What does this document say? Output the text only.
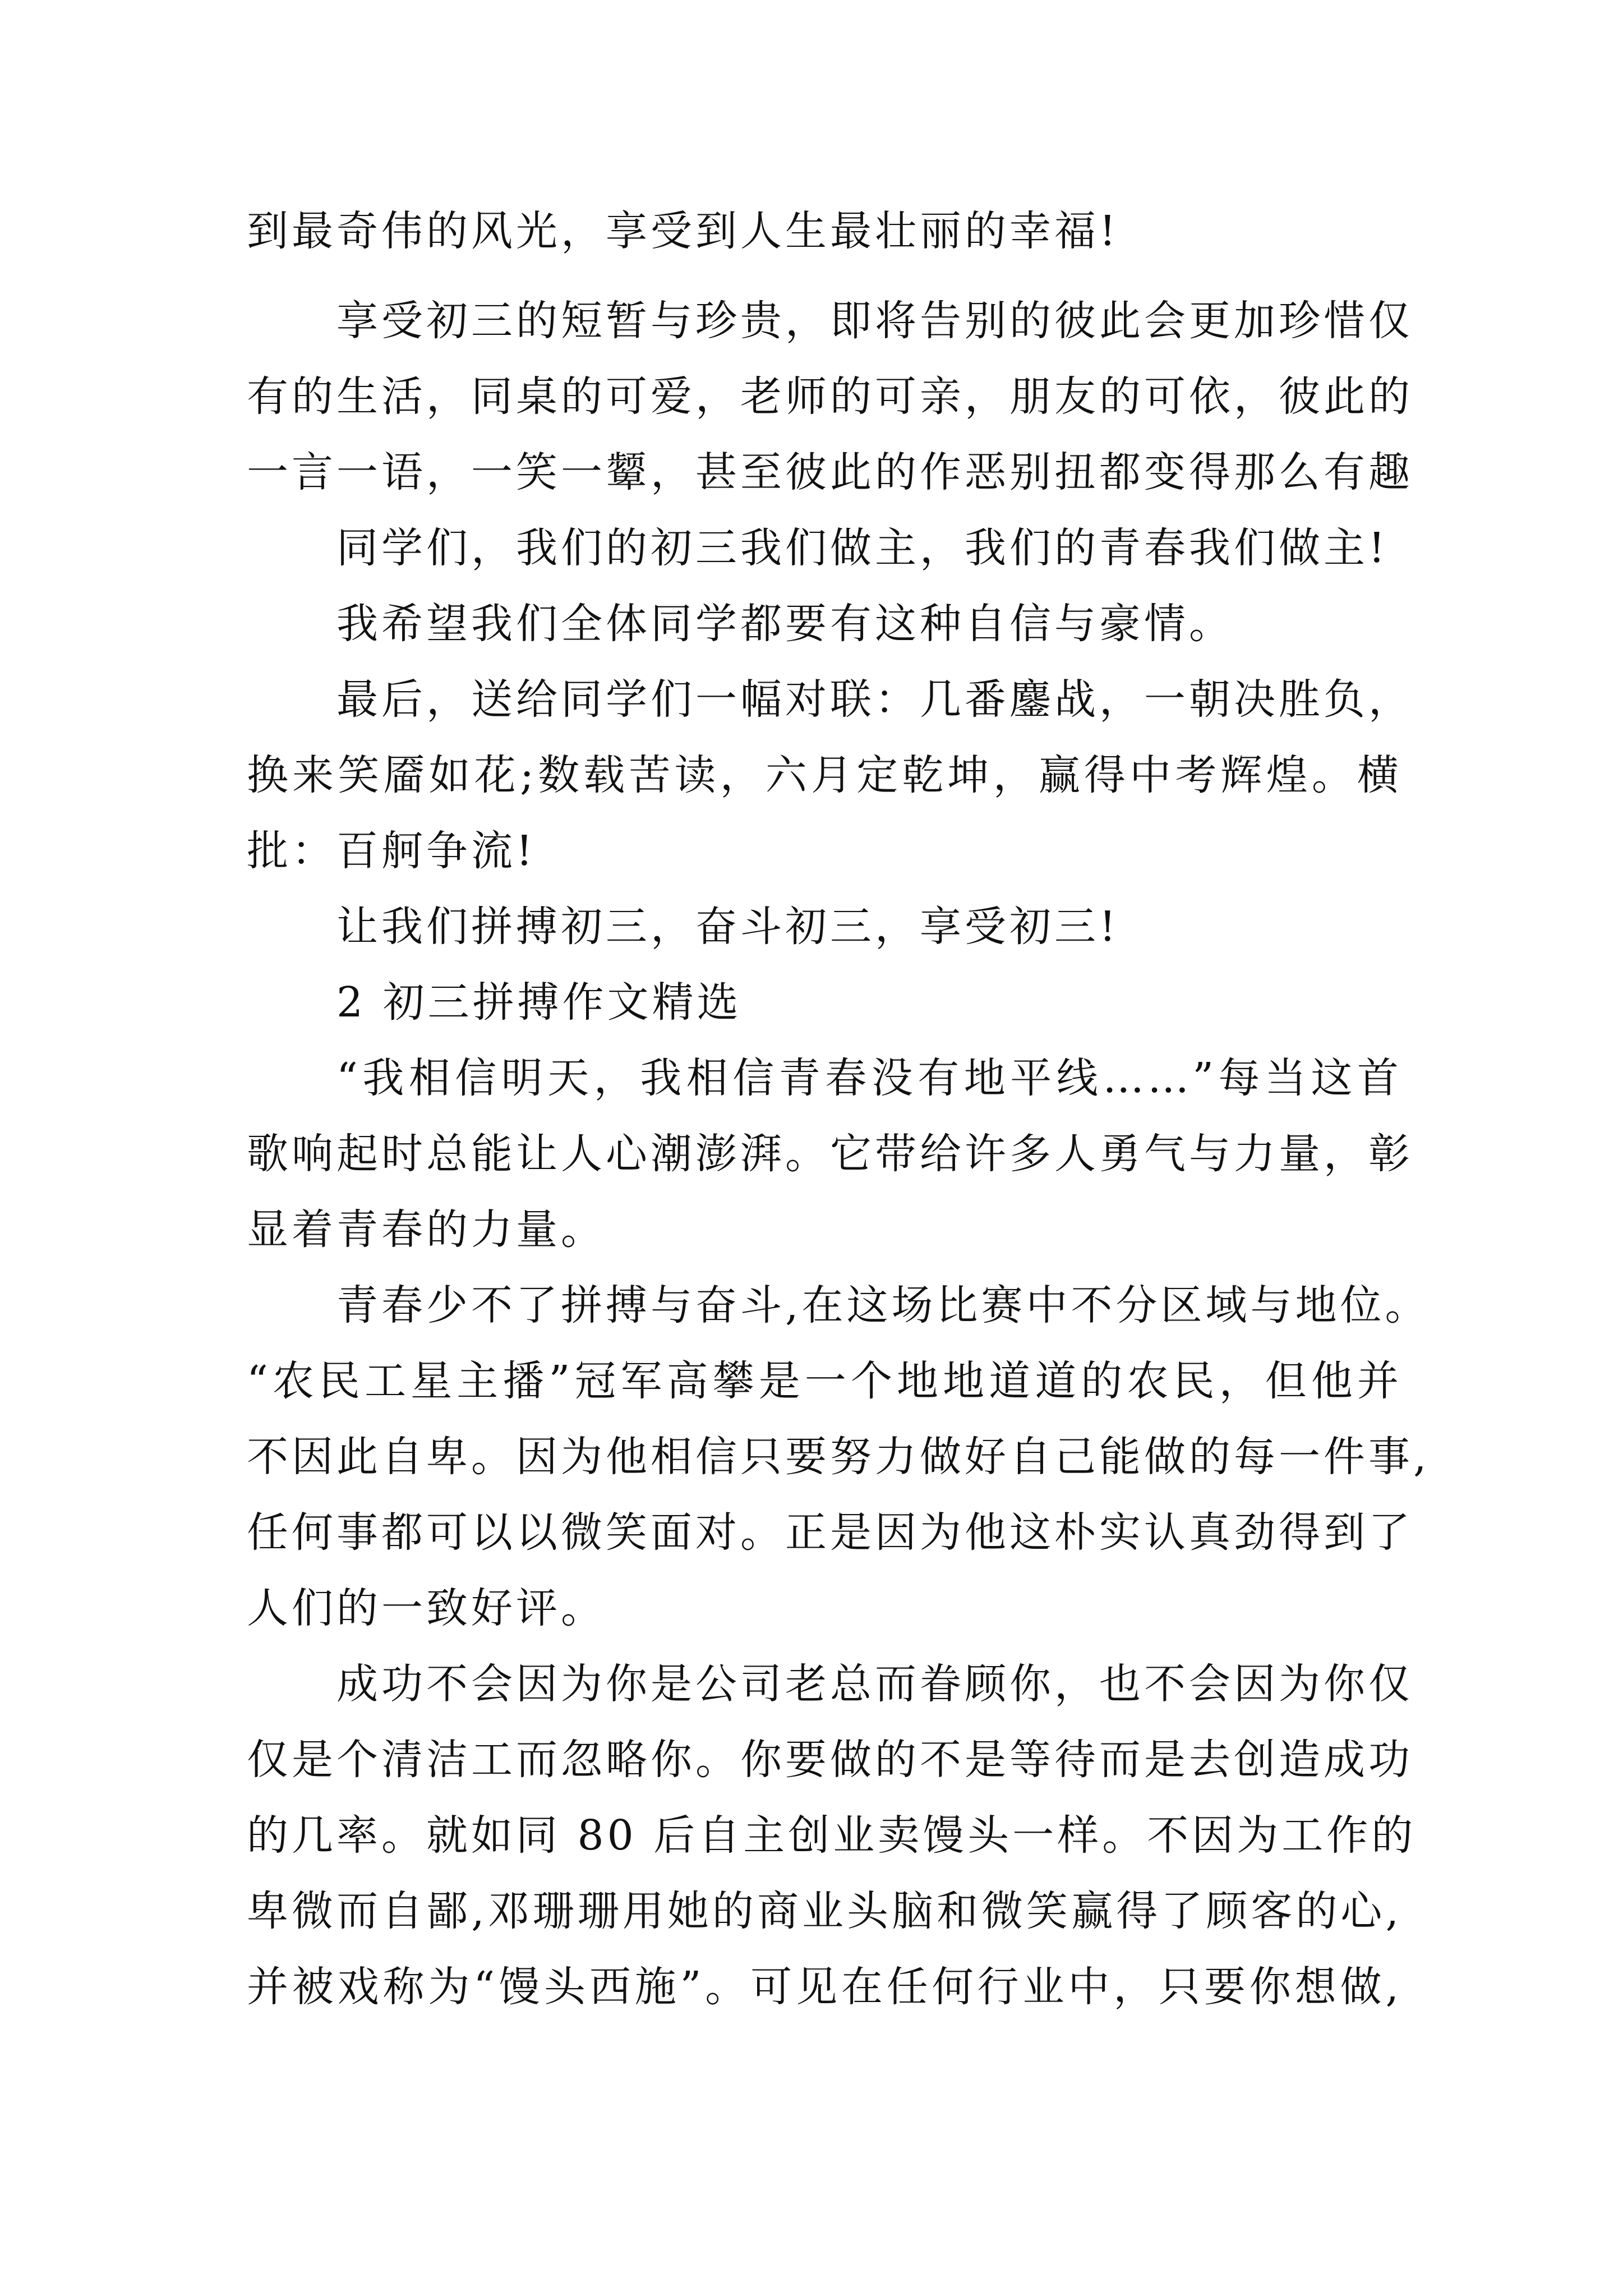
到最奇伟的风光，享受到人生最壮丽的幸福!
享受初三的短暂与珍贵，即将告别的彼此会更加珍惜仅
有的生活，同桌的可爱，老师的可亲，朋友的可依，彼此的
一言一语，一笑一颦，甚至彼此的作恶别扭都变得那么有趣
同学们，我们的初三我们做主，我们的青春我们做主!
我希望我们全体同学都要有这种自信与豪情。
最后，送给同学们一幅对联：几番鏖战，一朝决胜负，
换来笑靥如花;数载苦读，六月定乾坤，赢得中考辉煌。横
批：百舸争流!
让我们拼搏初三，奋斗初三，享受初三!
2 初三拼搏作文精选
“我相信明天，我相信青春没有地平线……”每当这首
歌响起时总能让人心潮澎湃。它带给许多人勇气与力量，彰
显着青春的力量。
青春少不了拼搏与奋斗,在这场比赛中不分区域与地位。
“农民工星主播”冠军高攀是一个地地道道的农民，但他并
不因此自卑。因为他相信只要努力做好自己能做的每一件事,
任何事都可以以微笑面对。正是因为他这朴实认真劲得到了
人们的一致好评。
成功不会因为你是公司老总而眷顾你，也不会因为你仅
仅是个清洁工而忽略你。你要做的不是等待而是去创造成功
的几率。就如同 80 后自主创业卖馒头一样。不因为工作的
卑微而自鄙,邓珊珊用她的商业头脑和微笑赢得了顾客的心,
并被戏称为“馒头西施”。可见在任何行业中，只要你想做,
